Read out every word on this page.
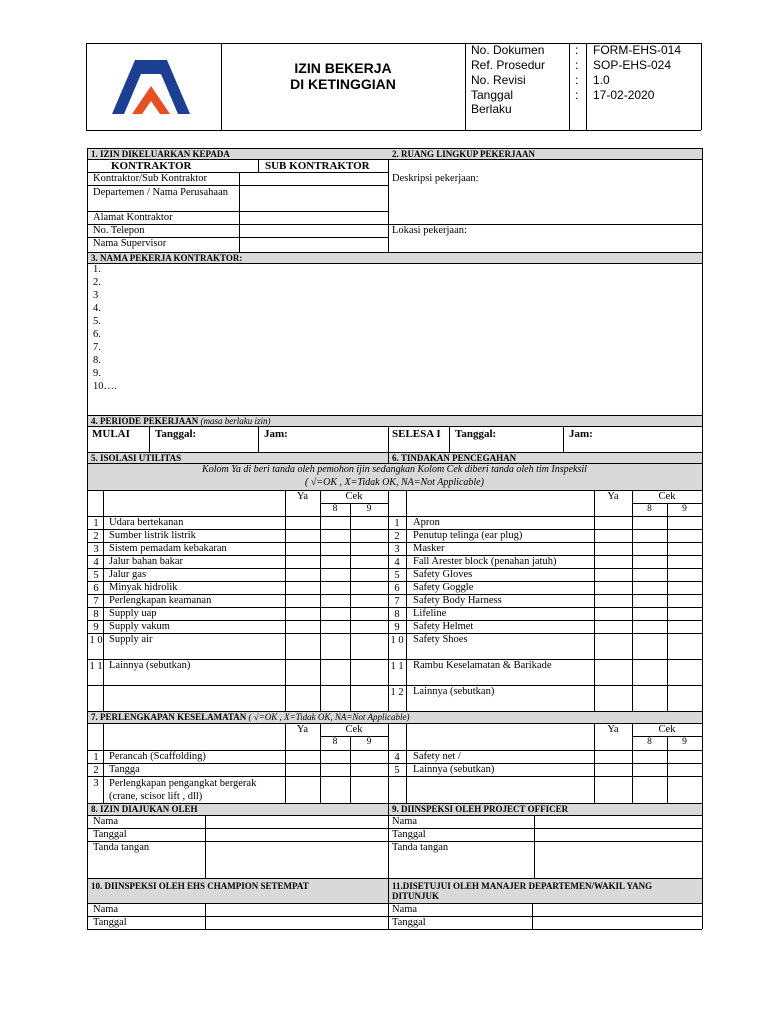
IZIN BEKERJA
DI KETINGGIAN
No. Dokumen	: FORM-EHS-014
Ref. Prosedur : SOP-EHS-024
No. Revisi	: 1.0
Tanggal
Berlaku
: 17-02-2020
1. IZIN DIKELUARKAN KEPADA
KONTRAKTOR	SUB KONTRAKTOR
Kontraktor/Sub Kontraktor
Departemen / Nama Perusahaan
Alamat Kontraktor
No. Telepon
Nama Supervisor
2. RUANG LINGKUP PEKERJAAN
Deskripsi pekerjaan:
Lokasi pekerjaan:
3. NAMA PEKERJA KONTRAKTOR:
1.
2.
3
4.
5.
6.
7.
8.
9.
10….
4. PERIODE PEKERJAAN (masa berlaku izin)
MULAI Tanggal:	Jam:	SELESA I	Tanggal:	Jam:
5. ISOLASI UTILITAS	6. TINDAKAN PENCEGAHAN
Kolom Ya di beri tanda oleh pemohon ijin sedangkan Kolom Cek diberi tanda oleh tim Inspeksil
( √=OK , X=Tidak OK, NA=Not Applicable)
Ya	Cek
8	9
Ya	Cek
8	9
1 Udara bertekanan
2 Sumber listrik listrik
3 Sistem pemadam kebakaran
4 Jalur bahan bakar
5 Jalur gas
6 Minyak hidrolik
7 Perlengkapan keamanan
8 Supply uap
9 Supply vakum
1 0 Supply air
1 1 Lainnya (sebutkan)
1	Apron
2	Penutup telinga (ear plug)
3	Masker
4	Fall Arester block (penahan jatuh)
5	Safety Gloves
6	Safety Goggle
7	Safety Body Harness
8	Lifeline
9	Safety Helmet
1 0 Safety Shoes
1 1 Rambu Keselamatan & Barikade
1 2 Lainnya (sebutkan)
7. PERLENGKAPAN KESELAMATAN ( √=OK , X=Tidak OK, NA=Not Applicable)
Ya	Cek
8	9
Ya	Cek
8	9
1 Perancah (Scaffolding)
2 Tangga
3 Perlengkapan pengangkat bergerak (crane, scisor lift , dll)
4	Safety net /
5	Lainnya (sebutkan)
8. IZIN DIAJUKAN OLEH	9. DIINSPEKSI OLEH PROJECT OFFICER
Nama
Tanggal
Tanda tangan
Nama
Tanggal
Tanda tangan
10. DIINSPEKSI OLEH EHS CHAMPION SETEMPAT	11.DISETUJUI OLEH MANAJER DEPARTEMEN/WAKIL YANG DITUNJUK
Nama
Tanggal
Nama
Tanggal
